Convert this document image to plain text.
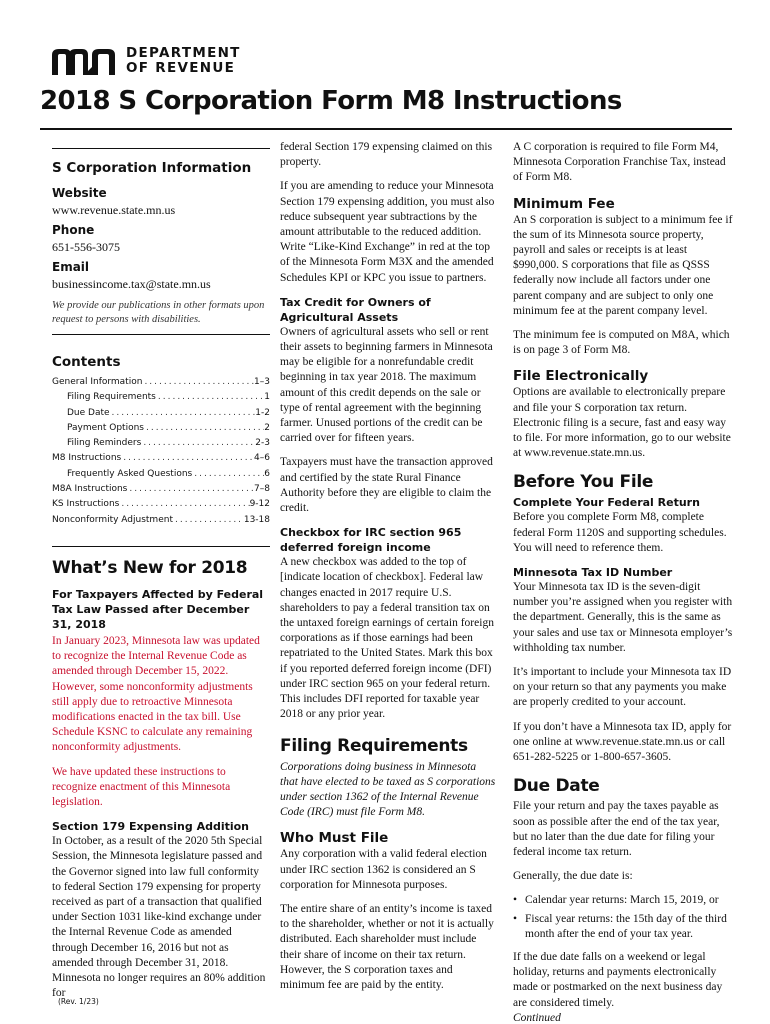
DEPARTMENT
OF REVENUE
2018 S Corporation Form M8 Instructions
S Corporation Information
Website
www.revenue.state.mn.us
Phone
651-556-3075
Email
businessincome.tax@state.mn.us
We provide our publications in other formats upon request to persons with disabilities.
Contents
General Information .....	1–3
Filing Requirements .....	1
Due Date .....	1-2
Payment Options .....	2
Filing Reminders .....	2-3
M8 Instructions .....	4–6
Frequently Asked Questions .....	6
M8A Instructions .....	7–8
KS Instructions .....	9-12
Nonconformity Adjustment .....	13-18
What’s New for 2018
For Taxpayers Affected by Federal Tax Law Passed after December 31, 2018

In January 2023, Minnesota law was updated to recognize the Internal Revenue Code as amended through December 15, 2022. However, some nonconformity adjustments still apply due to retroactive Minnesota modifications enacted in the tax bill. Use Schedule KSNC to calculate any remaining nonconformity adjustments.

We have updated these instructions to recognize enactment of this Minnesota legislation.

Section 179 Expensing Addition

In October, as a result of the 2020 5th Special Session, the Minnesota legislature passed and the Governor signed into law full conformity to federal Section 179 expensing for property received as part of a transaction that qualified under Section 1031 like-kind exchange under the Internal Revenue Code as amended through December 16, 2016 but not as amended through December 31, 2018. Minnesota no longer requires an 80% addition for

federal Section 179 expensing claimed on this property.

If you are amending to reduce your Minnesota Section 179 expensing addition, you must also reduce subsequent year subtractions by the amount attributable to the reduced addition. Write “Like-Kind Exchange” in red at the top of the Minnesota Form M3X and the amended Schedules KPI or KPC you issue to partners.

Tax Credit for Owners of Agricultural Assets

Owners of agricultural assets who sell or rent their assets to beginning farmers in Minnesota may be eligible for a nonrefundable credit beginning in tax year 2018. The maximum amount of this credit depends on the sale or type of rental agreement with the beginning farmer. Unused portions of the credit can be carried over for fifteen years.

Taxpayers must have the transaction approved and certified by the state Rural Finance Authority before they are eligible to claim the credit.

Checkbox for IRC section 965 deferred foreign income

A new checkbox was added to the top of [indicate location of checkbox]. Federal law changes enacted in 2017 require U.S. shareholders to pay a federal transition tax on the untaxed foreign earnings of certain foreign corporations as if those earnings had been repatriated to the United States. Mark this box if you reported deferred foreign income (DFI) under IRC section 965 on your federal return. This includes DFI reported for taxable year 2018 or any prior year.

Filing Requirements

Corporations doing business in Minnesota that have elected to be taxed as S corporations under section 1362 of the Internal Revenue Code (IRC) must file Form M8.

Who Must File

Any corporation with a valid federal election under IRC section 1362 is considered an S corporation for Minnesota purposes.

The entire share of an entity’s income is taxed to the shareholder, whether or not it is actually distributed. Each shareholder must include their share of income on their tax return. However, the S corporation taxes and minimum fee are paid by the entity.

A C corporation is required to file Form M4, Minnesota Corporation Franchise Tax, instead of Form M8.

Minimum Fee

An S corporation is subject to a minimum fee if the sum of its Minnesota source property, payroll and sales or receipts is at least $990,000. S corporations that file as QSSS federally now include all factors under one parent company and are subject to only one minimum fee at the parent company level.

The minimum fee is computed on M8A, which is on page 3 of Form M8.

File Electronically

Options are available to electronically prepare and file your S corporation tax return. Electronic filing is a secure, fast and easy way to file. For more information, go to our website at www.revenue.state.mn.us.

Before You File
Complete Your Federal Return

Before you complete Form M8, complete federal Form 1120S and supporting schedules. You will need to reference them.

Minnesota Tax ID Number

Your Minnesota tax ID is the seven-digit number you’re assigned when you register with the department. Generally, this is the same as your sales and use tax or Minnesota employer’s withholding tax number.

It’s important to include your Minnesota tax ID on your return so that any payments you make are properly credited to your account.

If you don’t have a Minnesota tax ID, apply for one online at www.revenue.state.mn.us or call 651-282-5225 or 1-800-657-3605.

Due Date

File your return and pay the taxes payable as soon as possible after the end of the tax year, but no later than the due date for filing your federal income tax return.

Generally, the due date is:

• Calendar year returns: March 15, 2019, or
• Fiscal year returns: the 15th day of the third month after the end of your tax year.

If the due date falls on a weekend or legal holiday, returns and payments electronically made or postmarked on the next business day are considered timely.

Continued

(Rev. 1/23)
